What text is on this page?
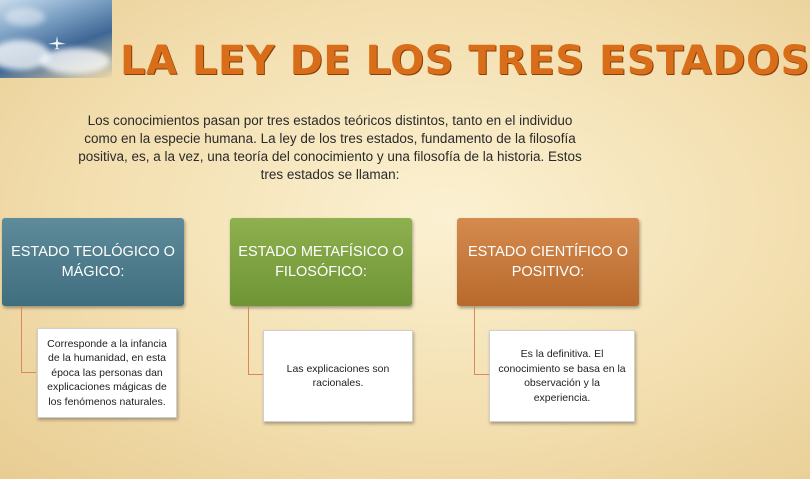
LA LEY DE LOS TRES ESTADOS
Los conocimientos pasan por tres estados teóricos distintos, tanto en el individuo como en la especie humana. La ley de los tres estados, fundamento de la filosofía positiva, es, a la vez, una teoría del conocimiento y una filosofía de la historia. Estos tres estados se llaman:
ESTADO TEOLÓGICO O MÁGICO:
ESTADO METAFÍSICO O FILOSÓFICO:
ESTADO CIENTÍFICO O POSITIVO:
Corresponde a la infancia de la humanidad, en esta época las personas dan explicaciones mágicas de los fenómenos naturales.
Las explicaciones son racionales.
Es la definitiva. El conocimiento se basa en la observación y la experiencia.
